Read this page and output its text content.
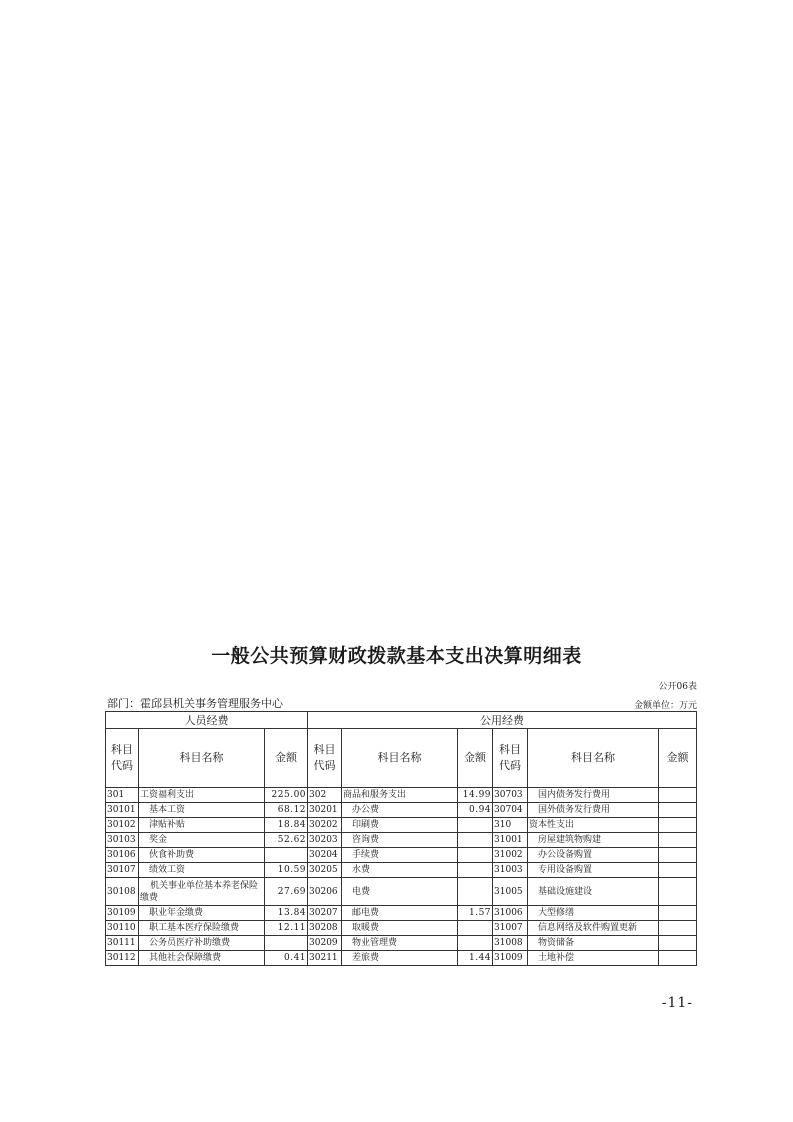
一般公共预算财政拨款基本支出决算明细表
公开06表
部门：霍邱县机关事务管理服务中心	金额单位：万元
人员经费			公用经费					
科目代码	科目名称	金额	科目代码	科目名称	金额	科目代码	科目名称	金额
301	工资福利支出	225.00	302	商品和服务支出	14.99	30703	国内债务发行费用	
30101	基本工资	68.12	30201	办公费	0.94	30704	国外债务发行费用	
30102	津贴补贴	18.84	30202	印刷费		310	资本性支出	
30103	奖金	52.62	30203	咨询费		31001	房屋建筑物购建	
30106	伙食补助费		30204	手续费		31002	办公设备购置	
30107	绩效工资	10.59	30205	水费		31003	专用设备购置	
30108	机关事业单位基本养老保险缴费	27.69	30206	电费		31005	基础设施建设	
30109	职业年金缴费	13.84	30207	邮电费	1.57	31006	大型修缮	
30110	职工基本医疗保险缴费	12.11	30208	取暖费		31007	信息网络及软件购置更新	
30111	公务员医疗补助缴费		30209	物业管理费		31008	物资储备	
30112	其他社会保障缴费	0.41	30211	差旅费	1.44	31009	土地补偿	
-11-
